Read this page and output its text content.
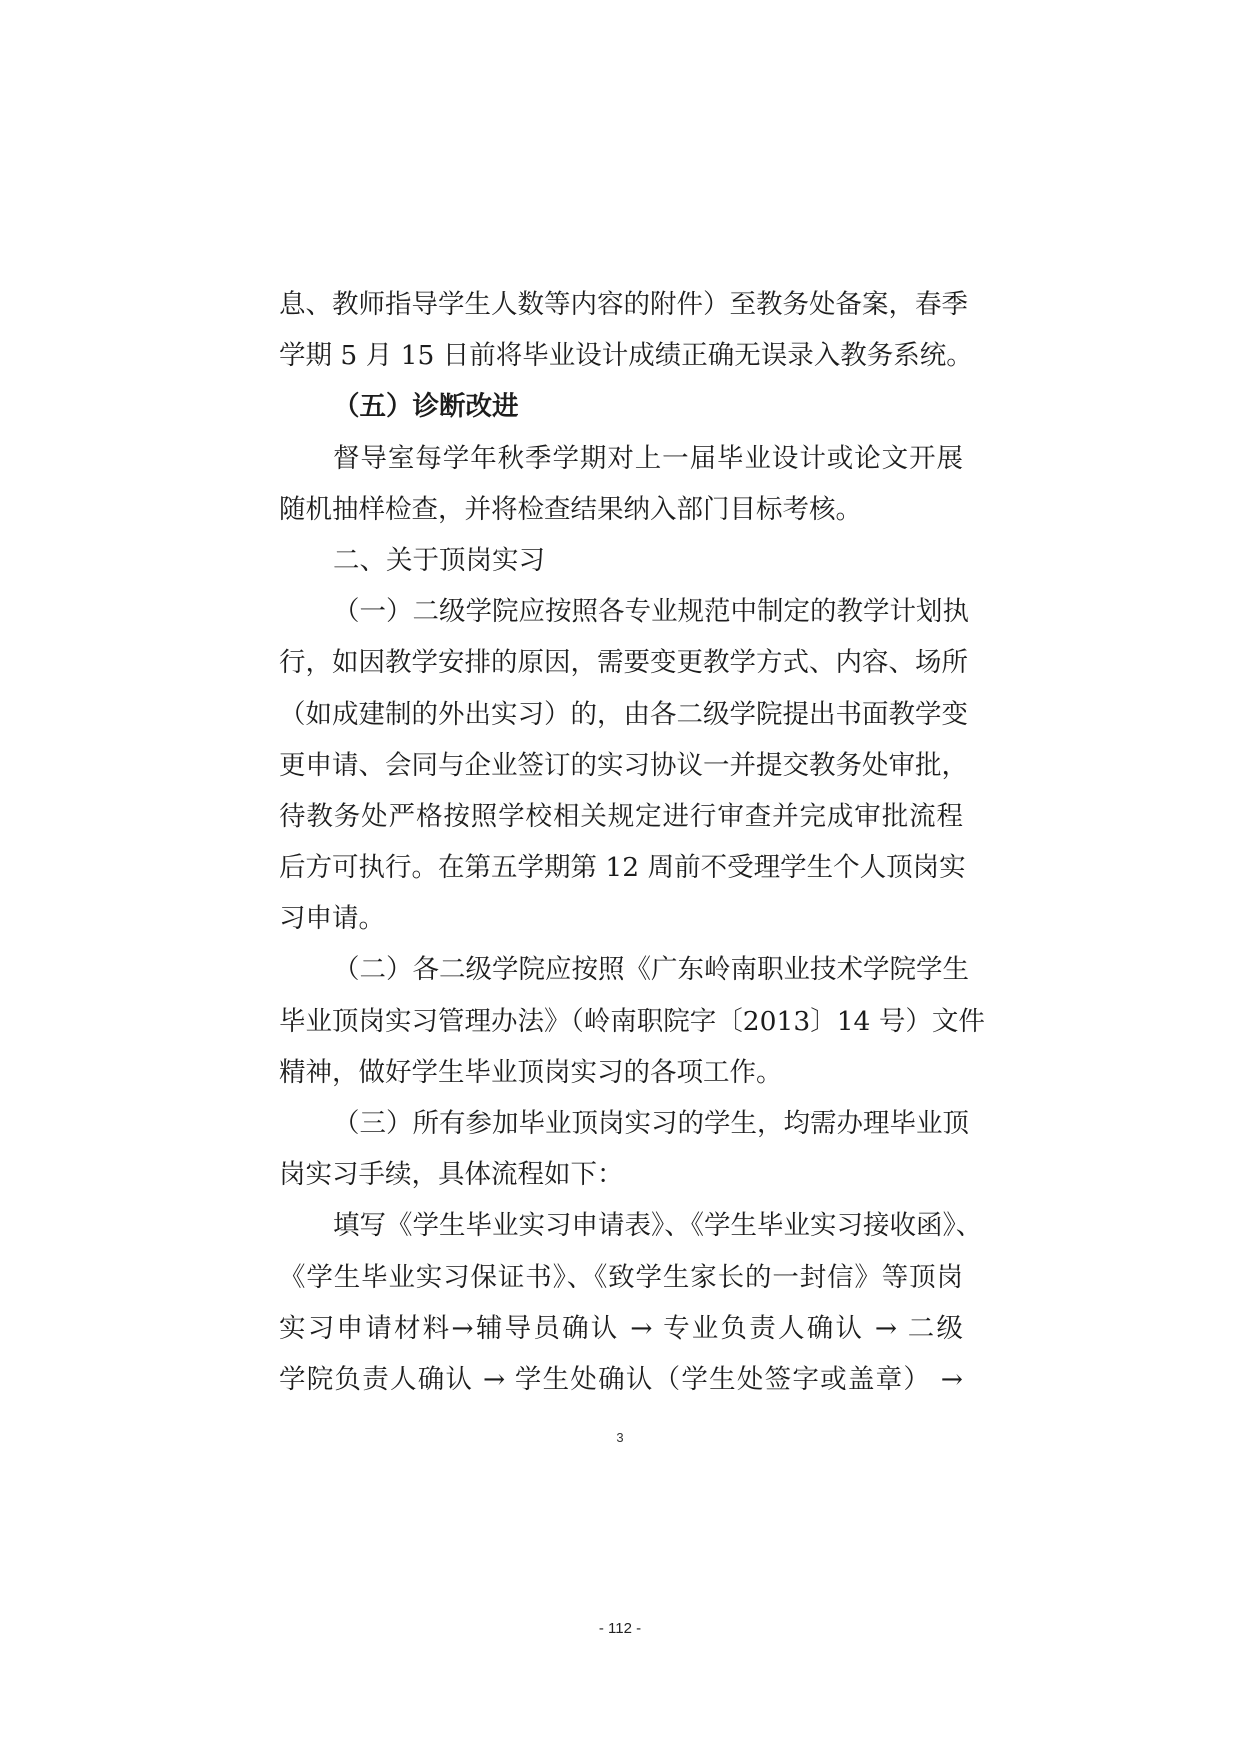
息、教师指导学生人数等内容的附件）至教务处备案，春季
学期 5 月 15 日前将毕业设计成绩正确无误录入教务系统。
（五）诊断改进
督导室每学年秋季学期对上一届毕业设计或论文开展
随机抽样检查，并将检查结果纳入部门目标考核。
二、关于顶岗实习
（一）二级学院应按照各专业规范中制定的教学计划执
行，如因教学安排的原因，需要变更教学方式、内容、场所
（如成建制的外出实习）的，由各二级学院提出书面教学变
更申请、会同与企业签订的实习协议一并提交教务处审批，
待教务处严格按照学校相关规定进行审查并完成审批流程
后方可执行。在第五学期第 12 周前不受理学生个人顶岗实
习申请。
（二）各二级学院应按照《广东岭南职业技术学院学生
毕业顶岗实习管理办法》（岭南职院字〔2013〕14 号）文件
精神，做好学生毕业顶岗实习的各项工作。
（三）所有参加毕业顶岗实习的学生，均需办理毕业顶
岗实习手续，具体流程如下：
填写《学生毕业实习申请表》、《学生毕业实习接收函》、
《学生毕业实习保证书》、《致学生家长的一封信》等顶岗
实习申请材料→辅导员确认 → 专业负责人确认 → 二级
学院负责人确认 → 学生处确认（学生处签字或盖章） →
3
- 112 -
